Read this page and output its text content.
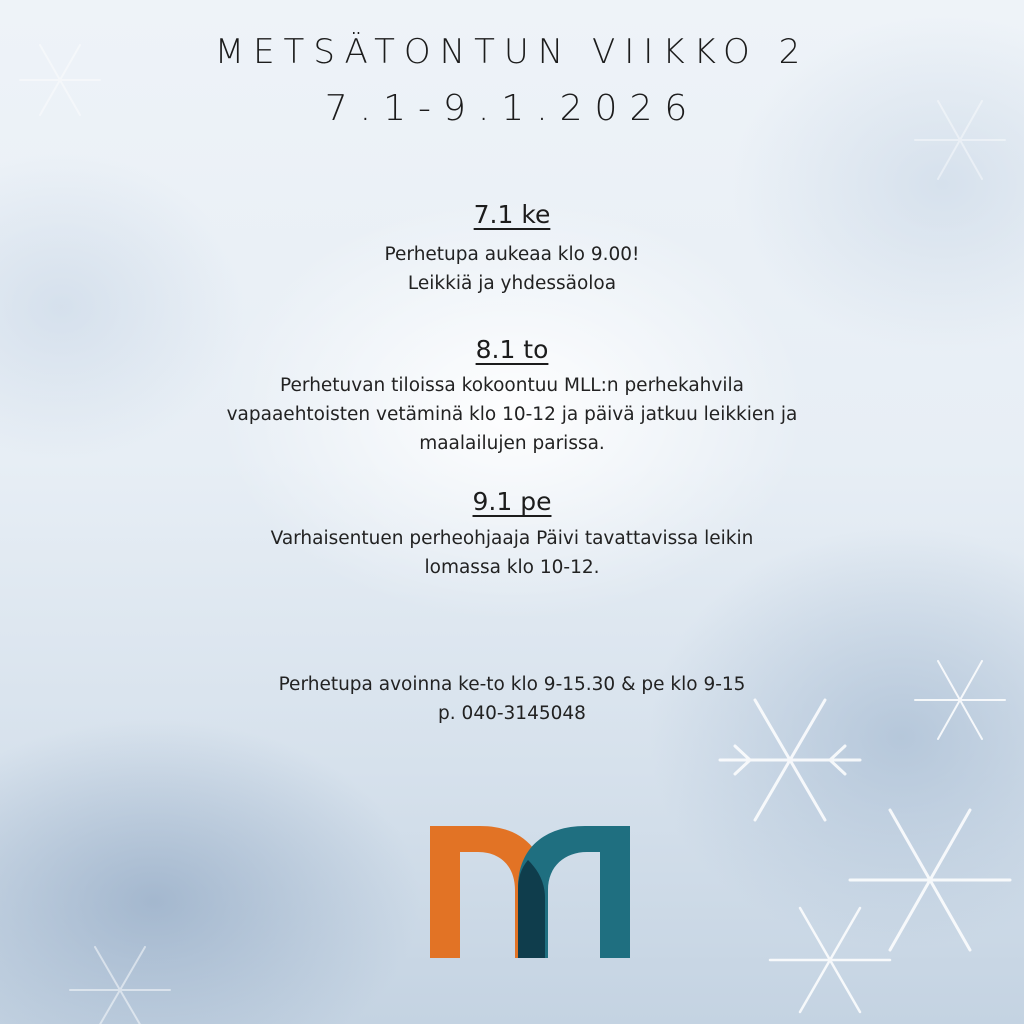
METSÄTONTUN VIIKKO 2
7.1-9.1.2026
7.1 ke
Perhetupa aukeaa klo 9.00!
Leikkiä ja yhdessäoloa
8.1 to
Perhetuvan tiloissa kokoontuu MLL:n perhekahvila
vapaaehtoisten vetäminä klo 10-12 ja päivä jatkuu leikkien ja
maalailujen parissa.
9.1 pe
Varhaisentuen perheohjaaja Päivi tavattavissa leikin
lomassa klo 10-12.
Perhetupa avoinna ke-to klo 9-15.30 & pe klo 9-15
p. 040-3145048
